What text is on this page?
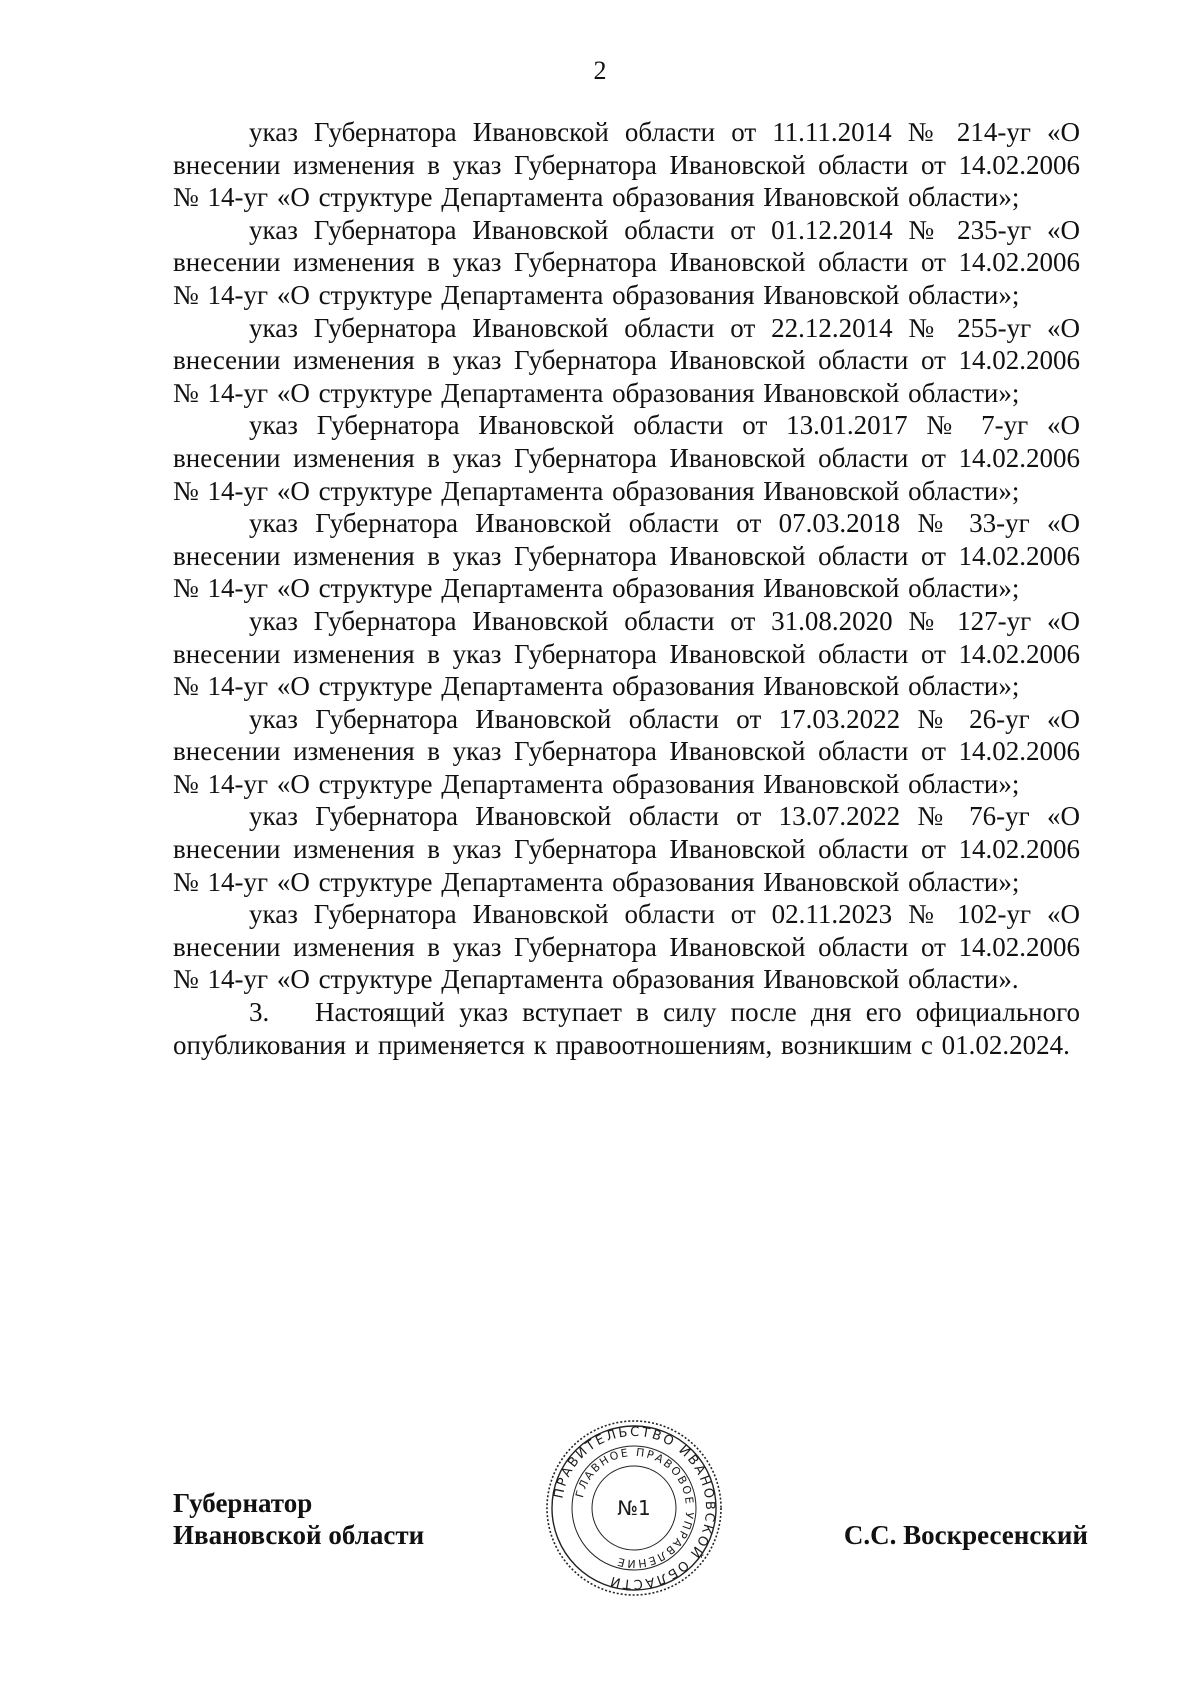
2

указ Губернатора Ивановской области от 11.11.2014 № 214-уг «О внесении изменения в указ Губернатора Ивановской области от 14.02.2006 № 14-уг «О структуре Департамента образования Ивановской области»;

указ Губернатора Ивановской области от 01.12.2014 № 235-уг «О внесении изменения в указ Губернатора Ивановской области от 14.02.2006 № 14-уг «О структуре Департамента образования Ивановской области»;

указ Губернатора Ивановской области от 22.12.2014 № 255-уг «О внесении изменения в указ Губернатора Ивановской области от 14.02.2006 № 14-уг «О структуре Департамента образования Ивановской области»;

указ Губернатора Ивановской области от 13.01.2017 № 7-уг «О внесении изменения в указ Губернатора Ивановской области от 14.02.2006 № 14-уг «О структуре Департамента образования Ивановской области»;

указ Губернатора Ивановской области от 07.03.2018 № 33-уг «О внесении изменения в указ Губернатора Ивановской области от 14.02.2006 № 14-уг «О структуре Департамента образования Ивановской области»;

указ Губернатора Ивановской области от 31.08.2020 № 127-уг «О внесении изменения в указ Губернатора Ивановской области от 14.02.2006 № 14-уг «О структуре Департамента образования Ивановской области»;

указ Губернатора Ивановской области от 17.03.2022 № 26-уг «О внесении изменения в указ Губернатора Ивановской области от 14.02.2006 № 14-уг «О структуре Департамента образования Ивановской области»;

указ Губернатора Ивановской области от 13.07.2022 № 76-уг «О внесении изменения в указ Губернатора Ивановской области от 14.02.2006 № 14-уг «О структуре Департамента образования Ивановской области»;

указ Губернатора Ивановской области от 02.11.2023 № 102-уг «О внесении изменения в указ Губернатора Ивановской области от 14.02.2006 № 14-уг «О структуре Департамента образования Ивановской области».

3. Настоящий указ вступает в силу после дня его официального опубликования и применяется к правоотношениям, возникшим с 01.02.2024.

Губернатор
Ивановской области
ПРАВИТЕЛЬСТВО ИВАНОВСКОЙ ОБЛАСТИ
ГЛАВНОЕ ПРАВОВОЕ УПРАВЛЕНИЕ
№1
С.С. Воскресенский
